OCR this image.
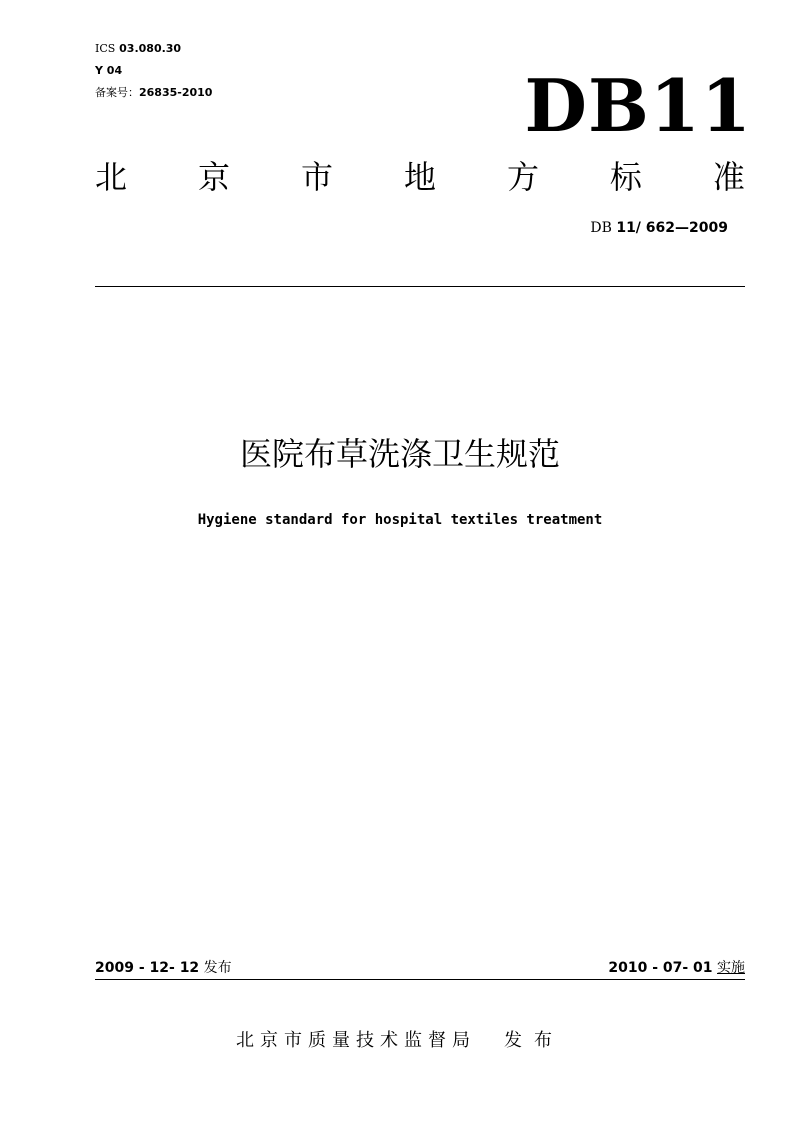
ICS 03.080.30
Y 04
备案号：26835-2010	DB11
北 京 市 地 方 标 准
DB 11/ 662—2009
医院布草洗涤卫生规范
Hygiene standard for hospital textiles treatment
2009 - 12- 12 发布	2010 - 07- 01 实施
北京市质量技术监督局 发布
